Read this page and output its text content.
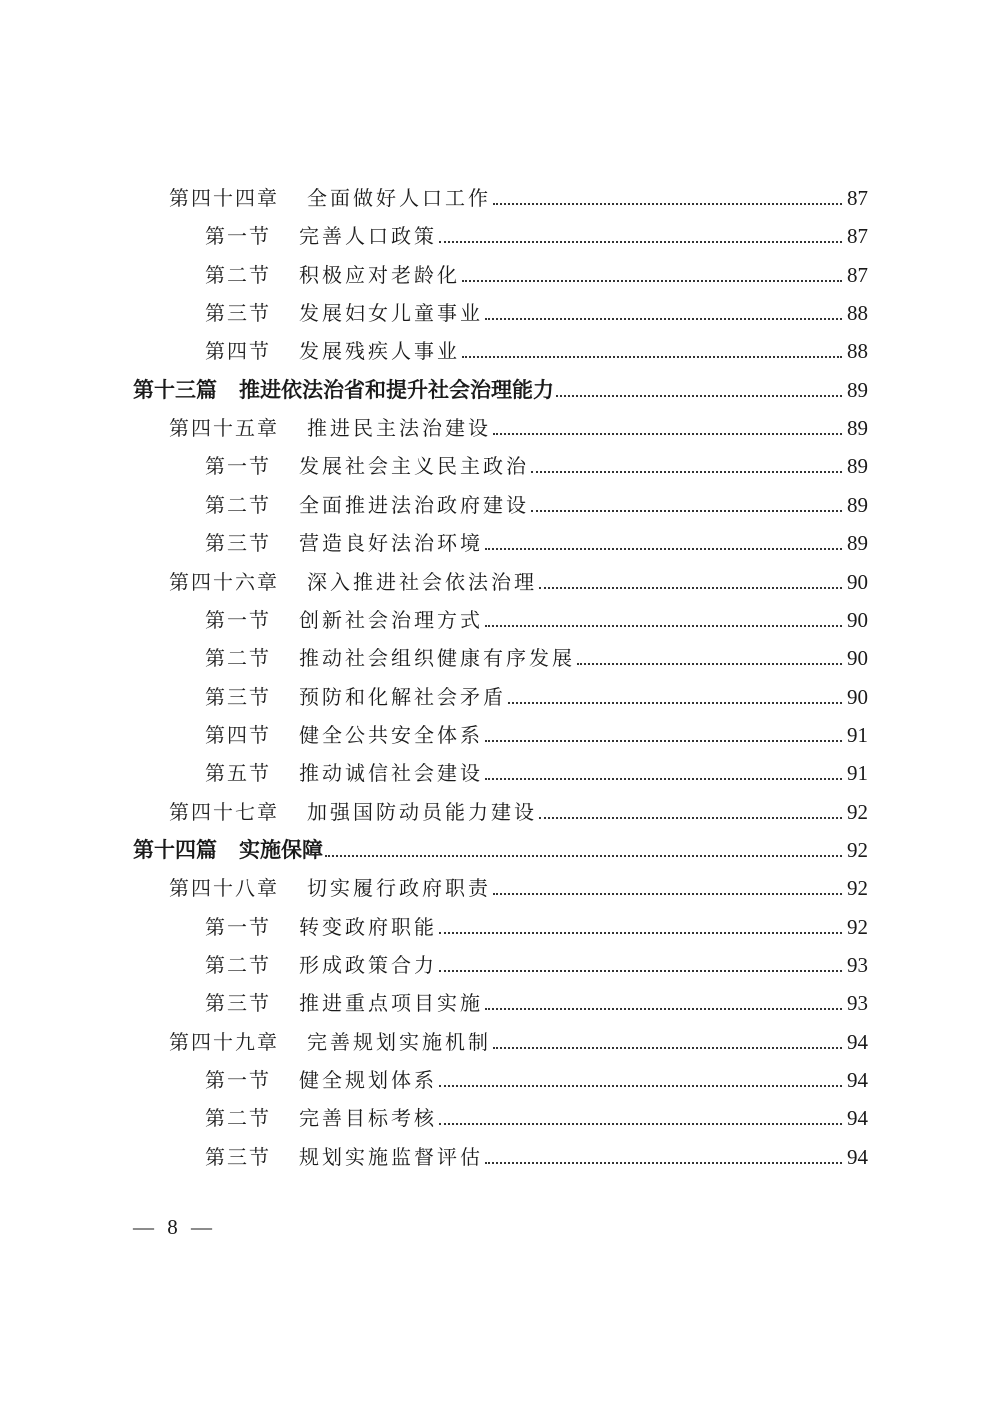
第四十四章 全面做好人口工作	87
第一节 完善人口政策	87
第二节 积极应对老龄化	87
第三节 发展妇女儿童事业	88
第四节 发展残疾人事业	88
第十三篇 推进依法治省和提升社会治理能力	89
第四十五章 推进民主法治建设	89
第一节 发展社会主义民主政治	89
第二节 全面推进法治政府建设	89
第三节 营造良好法治环境	89
第四十六章 深入推进社会依法治理	90
第一节 创新社会治理方式	90
第二节 推动社会组织健康有序发展	90
第三节 预防和化解社会矛盾	90
第四节 健全公共安全体系	91
第五节 推动诚信社会建设	91
第四十七章 加强国防动员能力建设	92
第十四篇 实施保障	92
第四十八章 切实履行政府职责	92
第一节 转变政府职能	92
第二节 形成政策合力	93
第三节 推进重点项目实施	93
第四十九章 完善规划实施机制	94
第一节 健全规划体系	94
第二节 完善目标考核	94
第三节 规划实施监督评估	94
— 8 —
